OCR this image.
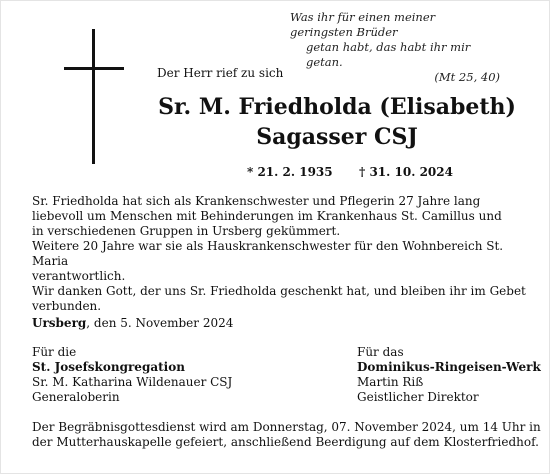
Was ihr für einen meiner geringsten Brüder
getan habt, das habt ihr mir getan.
(Mt 25, 40)
Der Herr rief zu sich
Sr. M. Friedholda (Elisabeth)
Sagasser CSJ
* 21. 2. 1935 † 31. 10. 2024
Sr. Friedholda hat sich als Krankenschwester und Pflegerin 27 Jahre lang
liebevoll um Menschen mit Behinderungen im Krankenhaus St. Camillus und
in verschiedenen Gruppen in Ursberg gekümmert.
Weitere 20 Jahre war sie als Hauskrankenschwester für den Wohnbereich St. Maria
verantwortlich.
Wir danken Gott, der uns Sr. Friedholda geschenkt hat, und bleiben ihr im Gebet
verbunden.
Ursberg, den 5. November 2024
Für die
St. Josefskongregation
Sr. M. Katharina Wildenauer CSJ
Generaloberin
Für das
Dominikus-Ringeisen-Werk
Martin Riß
Geistlicher Direktor
Der Begräbnisgottesdienst wird am Donnerstag, 07. November 2024, um 14 Uhr in
der Mutterhauskapelle gefeiert, anschließend Beerdigung auf dem Klosterfriedhof.
